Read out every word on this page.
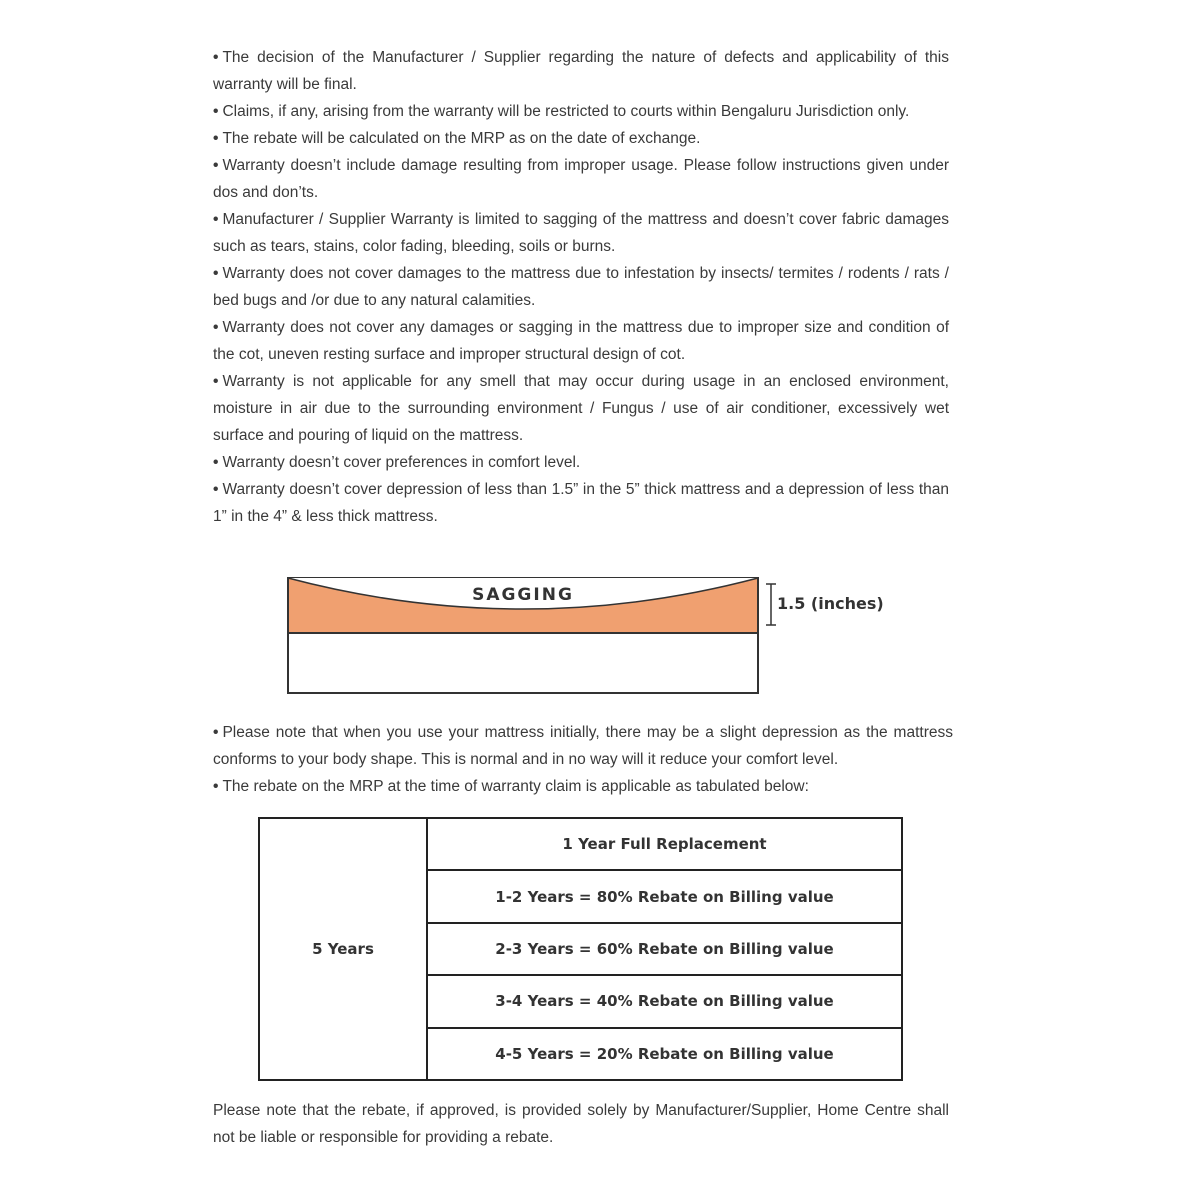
• The decision of the Manufacturer / Supplier regarding the nature of defects and applicability of this warranty will be final.

• Claims, if any, arising from the warranty will be restricted to courts within Bengaluru Jurisdiction only.

• The rebate will be calculated on the MRP as on the date of exchange.

• Warranty doesn’t include damage resulting from improper usage. Please follow instructions given under dos and don’ts.

• Manufacturer / Supplier Warranty is limited to sagging of the mattress and doesn’t cover fabric damages such as tears, stains, color fading, bleeding, soils or burns.

• Warranty does not cover damages to the mattress due to infestation by insects/ termites / rodents / rats / bed bugs and /or due to any natural calamities.

• Warranty does not cover any damages or sagging in the mattress due to improper size and condition of the cot, uneven resting surface and improper structural design of cot.

• Warranty is not applicable for any smell that may occur during usage in an enclosed environment, moisture in air due to the surrounding environment / Fungus / use of air conditioner, excessively wet surface and pouring of liquid on the mattress.

• Warranty doesn’t cover preferences in comfort level.

• Warranty doesn’t cover depression of less than 1.5” in the 5” thick mattress and a depression of less than 1” in the 4” & less thick mattress.

SAGGING	1.5 (inches)

• Please note that when you use your mattress initially, there may be a slight depression as the mattress conforms to your body shape. This is normal and in no way will it reduce your comfort level.

• The rebate on the MRP at the time of warranty claim is applicable as tabulated below:

5 Years	1 Year Full Replacement
1-2 Years = 80% Rebate on Billing value
2-3 Years = 60% Rebate on Billing value
3-4 Years = 40% Rebate on Billing value
4-5 Years = 20% Rebate on Billing value
Please note that the rebate, if approved, is provided solely by Manufacturer/Supplier, Home Centre shall not be liable or responsible for providing a rebate.
